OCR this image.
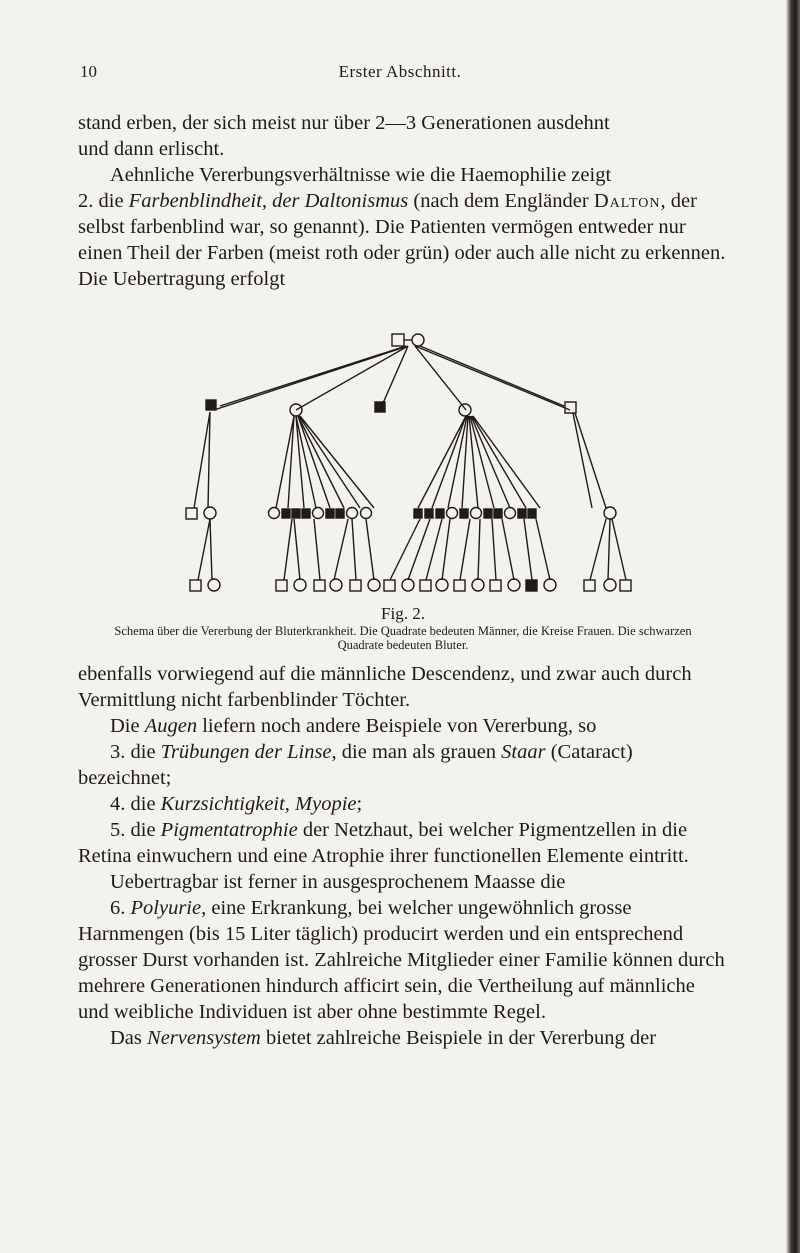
10	Erster Abschnitt.

stand erben, der sich meist nur über 2—3 Generationen ausdehnt
und dann erlischt.

Aehnliche Vererbungsverhältnisse wie die Haemophilie zeigt
2. die Farbenblindheit, der Daltonismus (nach dem Engländer Dalton, der selbst farbenblind war, so genannt). Die Patienten vermögen entweder nur einen Theil der Farben (meist roth oder grün) oder auch alle nicht zu erkennen. Die Uebertragung erfolgt

Fig. 2.
Schema über die Vererbung der Bluterkrankheit. Die Quadrate bedeuten Männer, die Kreise Frauen. Die schwarzen Quadrate bedeuten Bluter.

ebenfalls vorwiegend auf die männliche Descendenz, und zwar auch durch Vermittlung nicht farbenblinder Töchter.

Die Augen liefern noch andere Beispiele von Vererbung, so

3. die Trübungen der Linse, die man als grauen Staar (Cataract) bezeichnet;

4. die Kurzsichtigkeit, Myopie;

5. die Pigmentatrophie der Netzhaut, bei welcher Pigmentzellen in die Retina einwuchern und eine Atrophie ihrer functionellen Elemente eintritt.

Uebertragbar ist ferner in ausgesprochenem Maasse die

6. Polyurie, eine Erkrankung, bei welcher ungewöhnlich grosse Harnmengen (bis 15 Liter täglich) producirt werden und ein entsprechend grosser Durst vorhanden ist. Zahlreiche Mitglieder einer Familie können durch mehrere Generationen hindurch afficirt sein, die Vertheilung auf männliche und weibliche Individuen ist aber ohne bestimmte Regel.

Das Nervensystem bietet zahlreiche Beispiele in der Vererbung der
